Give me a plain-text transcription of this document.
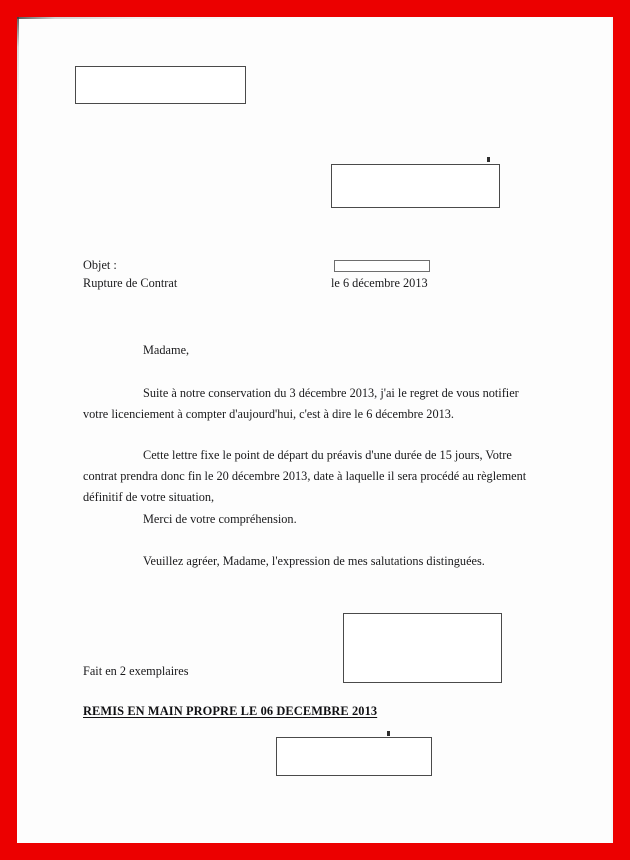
Objet :
Rupture de Contrat	le 6 décembre 2013
Madame,
Suite à notre conservation du 3 décembre 2013, j'ai le regret de vous notifier votre licenciement à compter d'aujourd'hui, c'est à dire le 6 décembre 2013.
Cette lettre fixe le point de départ du préavis d'une durée de 15 jours, Votre contrat prendra donc fin le 20 décembre 2013, date à laquelle il sera procédé au règlement définitif de votre situation,
Merci de votre compréhension.
Veuillez agréer, Madame, l'expression de mes salutations distinguées.
Fait en 2 exemplaires
REMIS EN MAIN PROPRE LE 06 DECEMBRE 2013
